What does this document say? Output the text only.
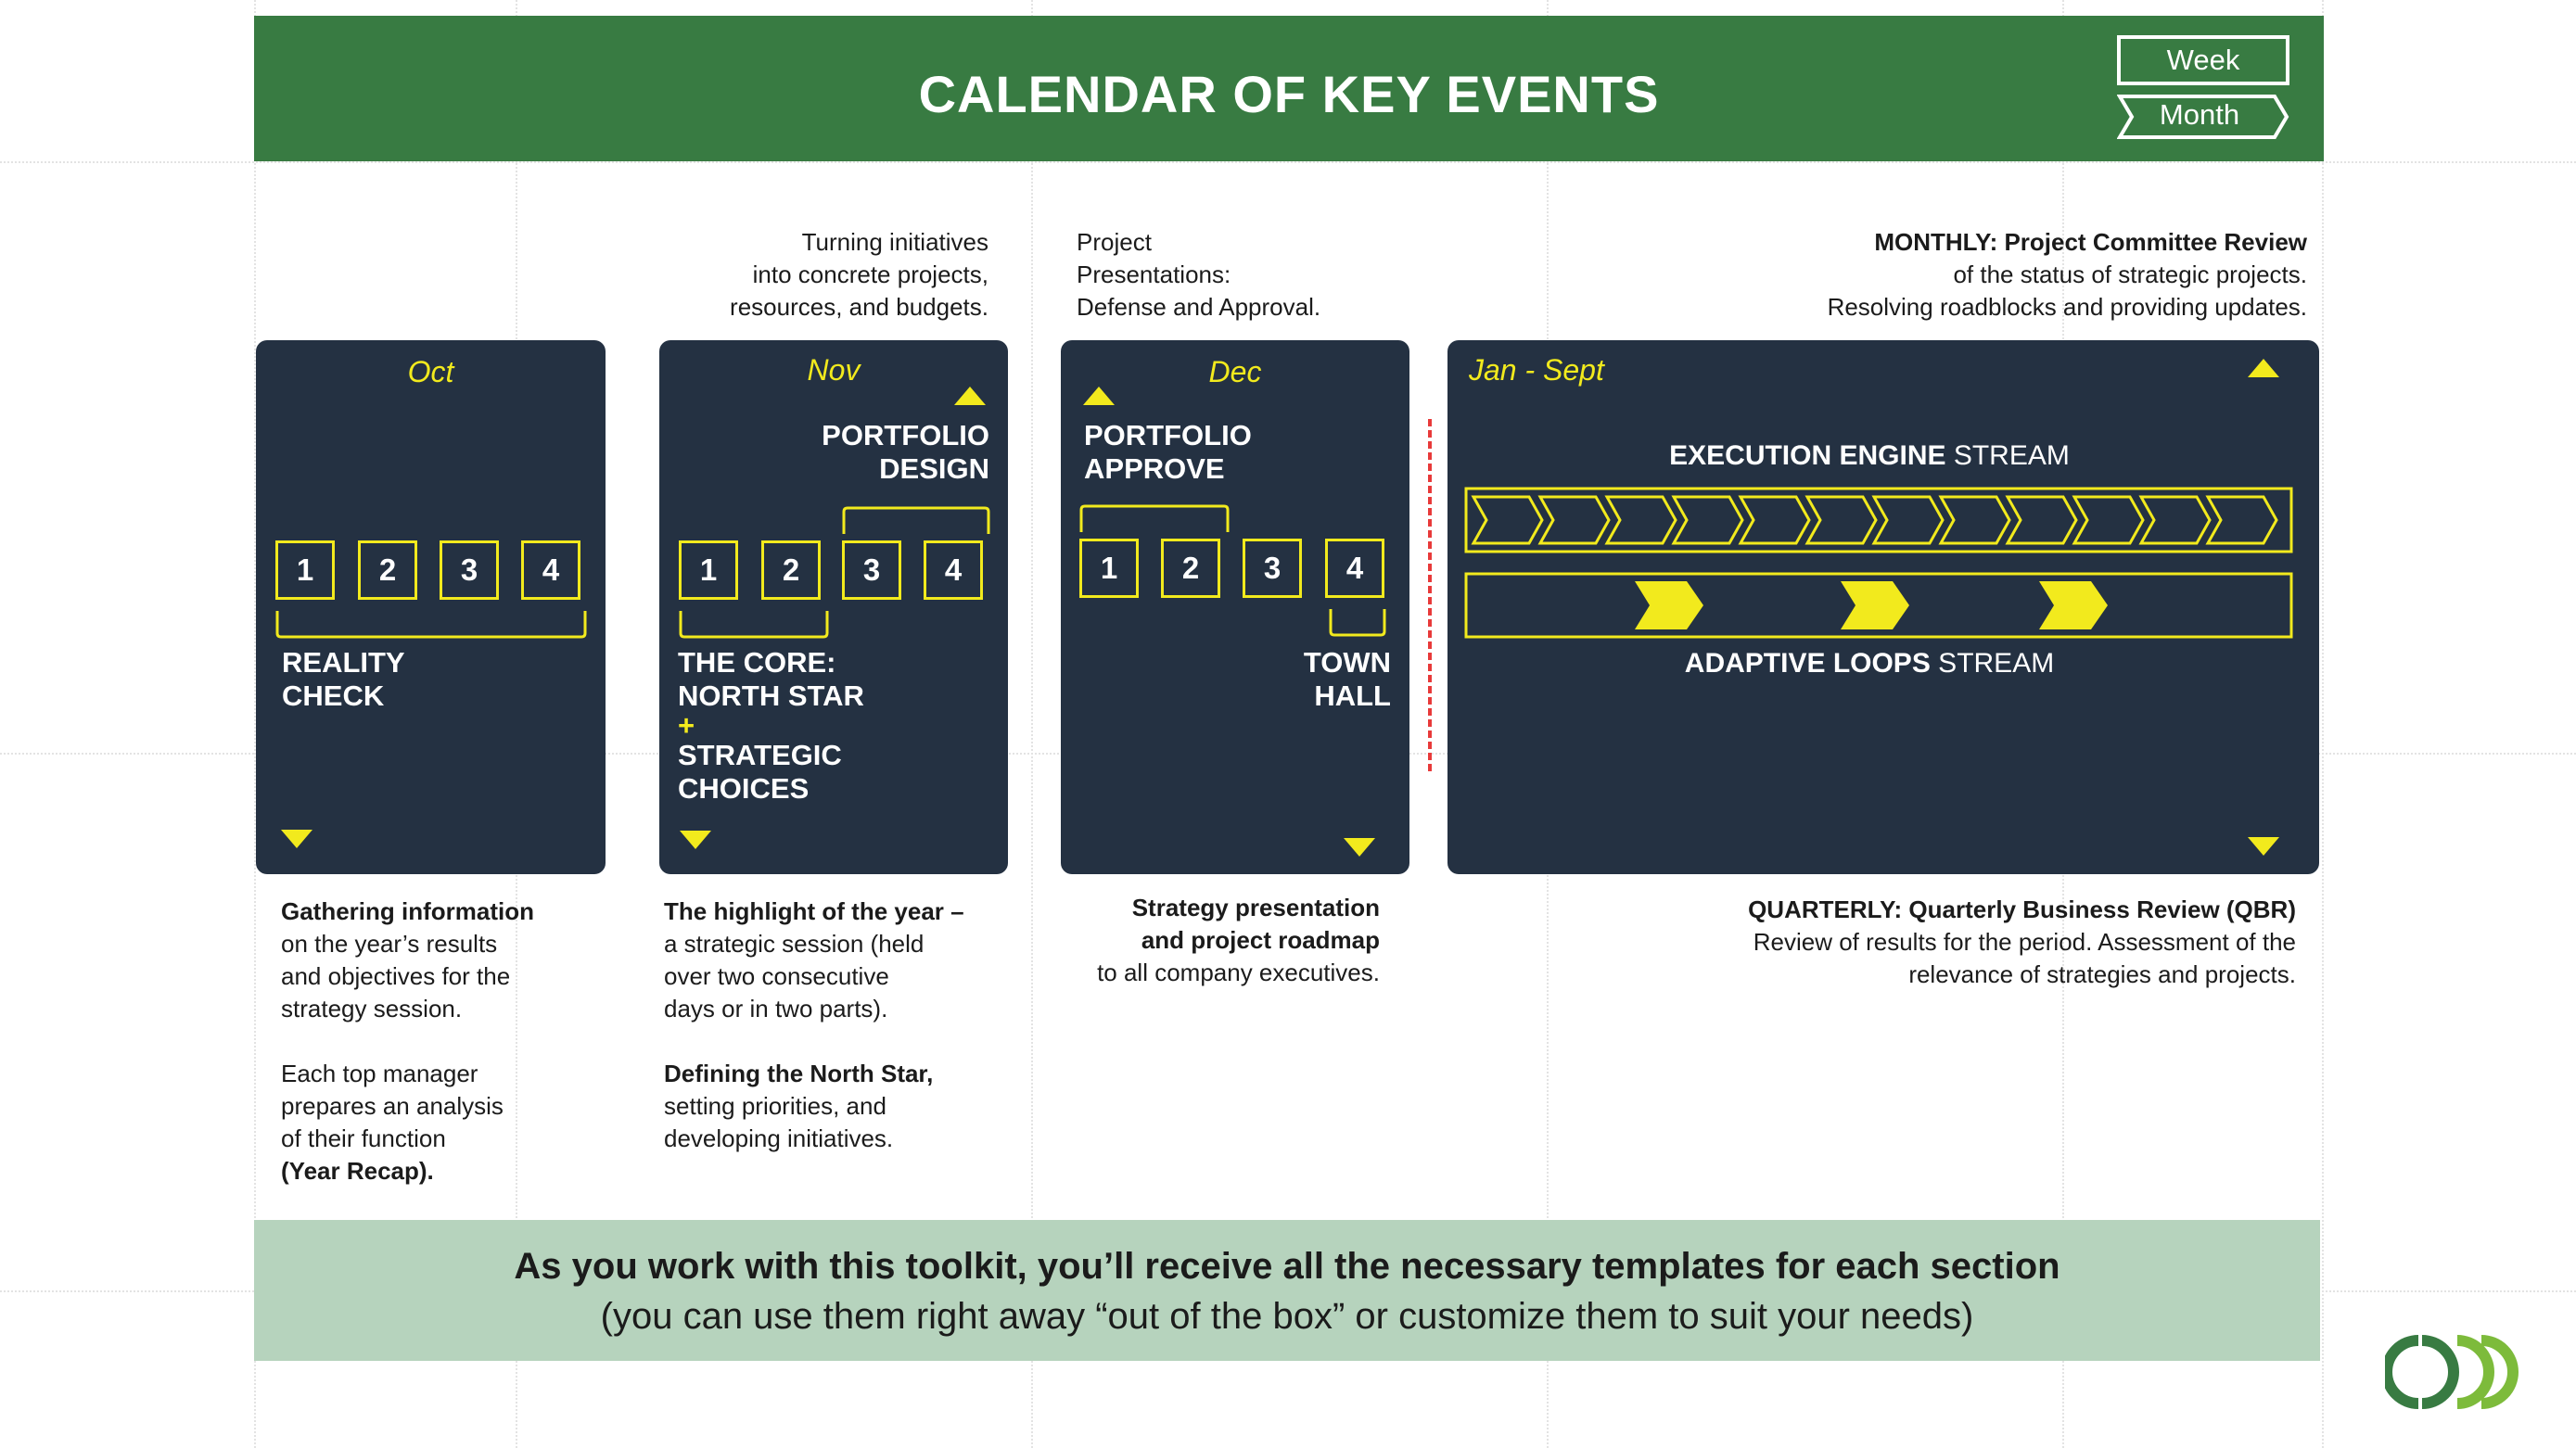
CALENDAR OF KEY EVENTS
Week
Month
Turning initiatives
into concrete projects,
resources, and budgets.
Project
Presentations:
Defense and Approval.
MONTHLY: Project Committee Review
of the status of strategic projects.
Resolving roadblocks and providing updates.
Oct
1	2	3	4
REALITY
CHECK
Nov
PORTFOLIO
DESIGN
1	2	3	4
THE CORE:
NORTH STAR
+
STRATEGIC
CHOICES
Dec
PORTFOLIO
APPROVE
1	2	3	4
TOWN
HALL
Jan - Sept
EXECUTION ENGINE STREAM
ADAPTIVE LOOPS STREAM
Gathering information
on the year’s results
and objectives for the
strategy session.
Each top manager
prepares an analysis
of their function
(Year Recap).
The highlight of the year –
a strategic session (held
over two consecutive
days or in two parts).
Defining the North Star,
setting priorities, and
developing initiatives.
Strategy presentation
and project roadmap
to all company executives.
QUARTERLY: Quarterly Business Review (QBR)
Review of results for the period. Assessment of the
relevance of strategies and projects.
As you work with this toolkit, you’ll receive all the necessary templates for each section
(you can use them right away “out of the box” or customize them to suit your needs)
